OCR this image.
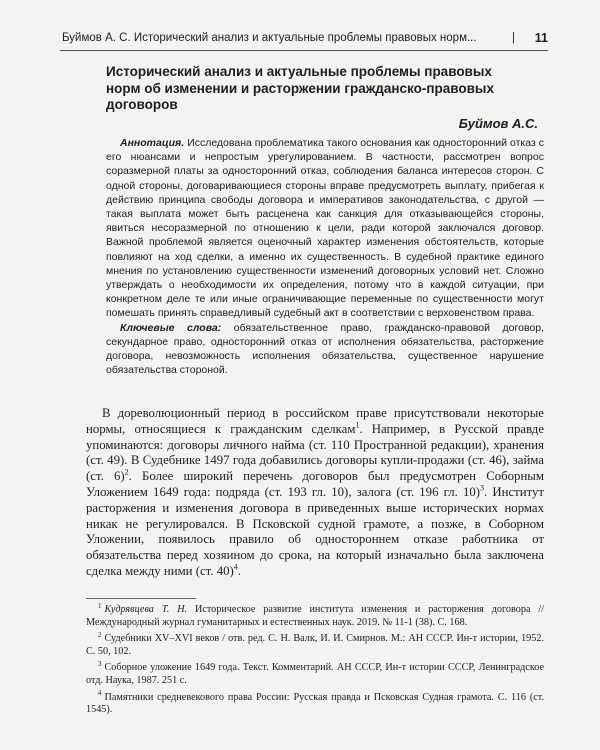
Буймов А. С. Исторический анализ и актуальные проблемы правовых норм...	| 11
Исторический анализ и актуальные проблемы правовых норм об изменении и расторжении гражданско-правовых договоров
Буймов А.С.

Аннотация. Исследована проблематика такого основания как односторонний отказ с его нюансами и непростым урегулированием. В частности, рассмотрен вопрос соразмерной платы за односторонний отказ, соблюдения баланса интересов сторон. С одной стороны, договаривающиеся стороны вправе предусмотреть выплату, прибегая к действию принципа свободы договора и императивов законодательства, с другой — такая выплата может быть расценена как санкция для отказывающейся стороны, явиться несоразмерной по отношению к цели, ради которой заключался договор. Важной проблемой является оценочный характер изменения обстоятельств, которые повлияют на ход сделки, а именно их существенность. В судебной практике единого мнения по установлению существенности изменений договорных условий нет. Сложно утверждать о необходимости их определения, потому что в каждой ситуации, при конкретном деле те или иные ограничивающие переменные по существенности могут помешать принять справедливый судебный акт в соответствии с верховенством права.

Ключевые слова: обязательственное право, гражданско-правовой договор, секундарное право, односторонний отказ от исполнения обязательства, расторжение договора, невозможность исполнения обязательства, существенное нарушение обязательства стороной.

В дореволюционный период в российском праве присутствовали некоторые нормы, относящиеся к гражданским сделкам$^1$. Например, в Русской правде упоминаются: договоры личного найма (ст. 110 Пространной редакции), хранения (ст. 49). В Судебнике 1497 года добавились договоры купли-продажи (ст. 46), займа (ст. 6)$^2$. Более широкий перечень договоров был предусмотрен Соборным Уложением 1649 года: подряда (ст. 193 гл. 10), залога (ст. 196 гл. 10)$^3$. Институт расторжения и изменения договора в приведенных выше исторических нормах никак не регулировался. В Псковской судной грамоте, а позже, в Соборном Уложении, появилось правило об одностороннем отказе работника от обязательства перед хозяином до срока, на который изначально была заключена сделка между ними (ст. 40)$^4$.

$^1$ Кудрявцева Т. Н. Историческое развитие института изменения и расторжения договора // Международный журнал гуманитарных и естественных наук. 2019. № 11-1 (38). С. 168.

$^2$ Судебники XV–XVI веков / отв. ред. С. Н. Валк, И. И. Смирнов. М.: АН СССР. Ин-т истории, 1952. С. 50, 102.

$^3$ Соборное уложение 1649 года. Текст. Комментарий. АН СССР, Ин-т истории СССР, Ленинградское отд. Наука, 1987. 251 с.

$^4$ Памятники средневекового права России: Русская правда и Псковская Судная грамота. С. 116 (ст. 1545).
